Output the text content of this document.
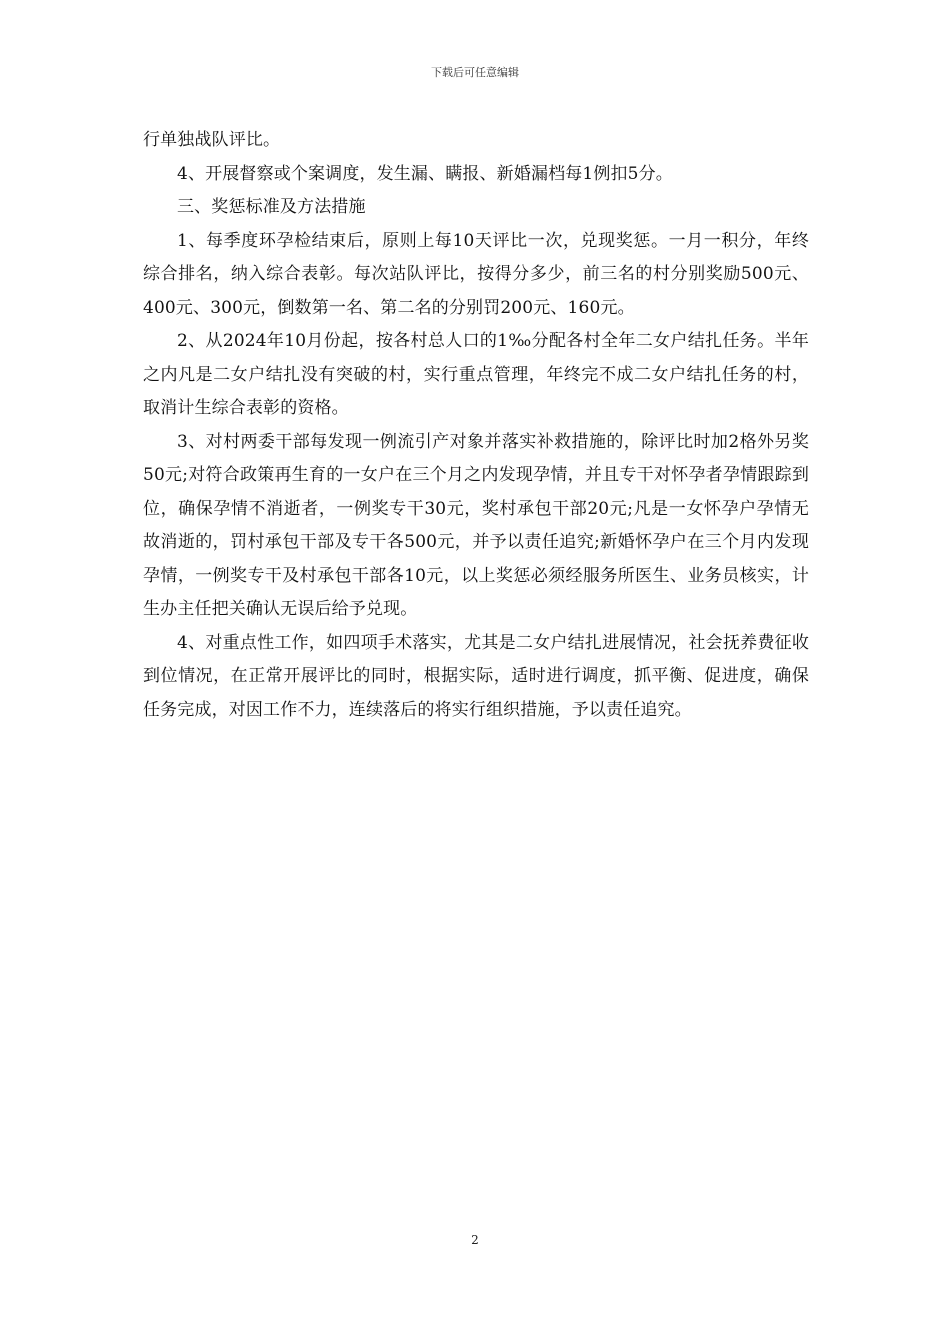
下载后可任意编辑

行单独战队评比。

4、开展督察或个案调度，发生漏、瞒报、新婚漏档每1例扣5分。

三、奖惩标准及方法措施

1、每季度环孕检结束后，原则上每10天评比一次，兑现奖惩。一月一积分，年终综合排名，纳入综合表彰。每次站队评比，按得分多少，前三名的村分别奖励500元、400元、300元，倒数第一名、第二名的分别罚200元、160元。

2、从2024年10月份起，按各村总人口的1‰分配各村全年二女户结扎任务。半年之内凡是二女户结扎没有突破的村，实行重点管理，年终完不成二女户结扎任务的村，取消计生综合表彰的资格。

3、对村两委干部每发现一例流引产对象并落实补救措施的，除评比时加2格外另奖50元;对符合政策再生育的一女户在三个月之内发现孕情，并且专干对怀孕者孕情跟踪到位，确保孕情不消逝者，一例奖专干30元，奖村承包干部20元;凡是一女怀孕户孕情无故消逝的，罚村承包干部及专干各500元，并予以责任追究;新婚怀孕户在三个月内发现孕情，一例奖专干及村承包干部各10元，以上奖惩必须经服务所医生、业务员核实，计生办主任把关确认无误后给予兑现。

4、对重点性工作，如四项手术落实，尤其是二女户结扎进展情况，社会抚养费征收到位情况，在正常开展评比的同时，根据实际，适时进行调度，抓平衡、促进度，确保任务完成，对因工作不力，连续落后的将实行组织措施，予以责任追究。

2
